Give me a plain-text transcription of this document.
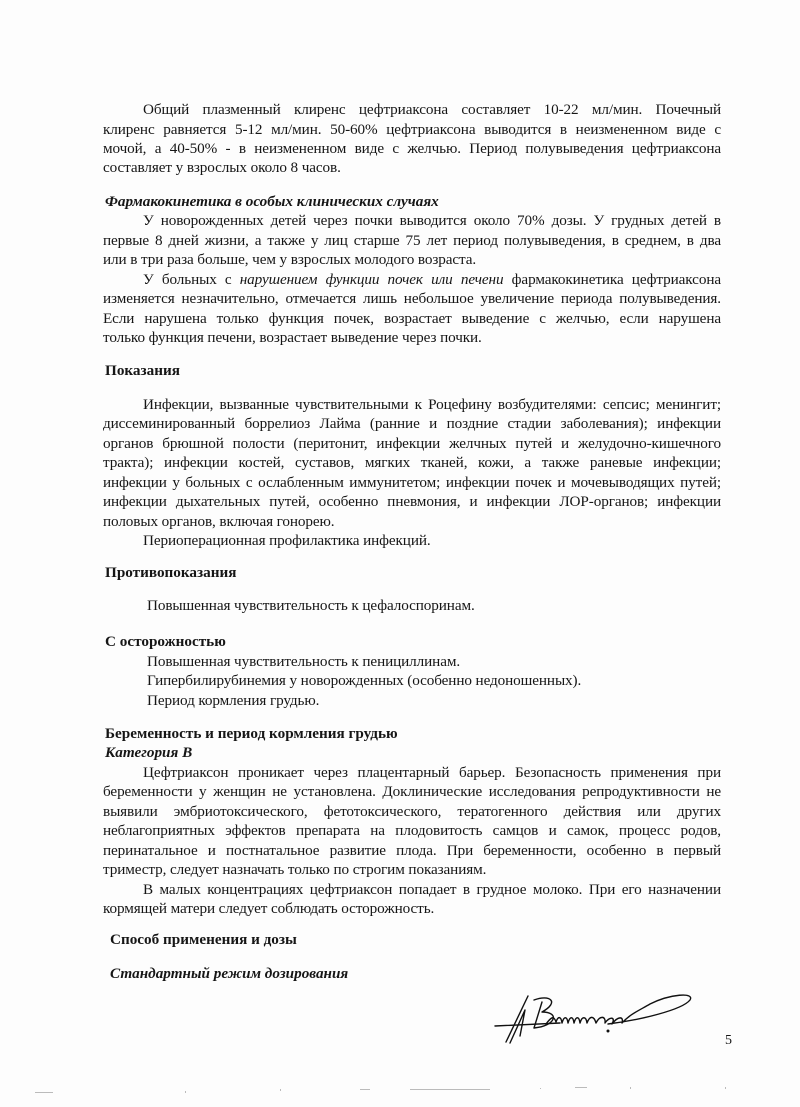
Общий плазменный клиренс цефтриаксона составляет 10-22 мл/мин. Почечный
клиренс равняется 5-12 мл/мин. 50-60% цефтриаксона выводится в неизмененном виде с
мочой, а 40-50% - в неизмененном виде с желчью. Период полувыведения цефтриаксона
составляет у взрослых около 8 часов.
Фармакокинетика в особых клинических случаях
У новорожденных детей через почки выводится около 70% дозы. У грудных детей в
первые 8 дней жизни, а также у лиц старше 75 лет период полувыведения, в среднем, в два
или в три раза больше, чем у взрослых молодого возраста.
У больных с нарушением функции почек или печени фармакокинетика цефтриаксона
изменяется незначительно, отмечается лишь небольшое увеличение периода полувыведения.
Если нарушена только функция почек, возрастает выведение с желчью, если нарушена
только функция печени, возрастает выведение через почки.
Показания
Инфекции, вызванные чувствительными к Роцефину возбудителями: сепсис; менингит;
диссеминированный боррелиоз Лайма (ранние и поздние стадии заболевания); инфекции
органов брюшной полости (перитонит, инфекции желчных путей и желудочно-кишечного
тракта); инфекции костей, суставов, мягких тканей, кожи, а также раневые инфекции;
инфекции у больных с ослабленным иммунитетом; инфекции почек и мочевыводящих путей;
инфекции дыхательных путей, особенно пневмония, и инфекции ЛОР-органов; инфекции
половых органов, включая гонорею.
Периоперационная профилактика инфекций.
Противопоказания
Повышенная чувствительность к цефалоспоринам.
С осторожностью
Повышенная чувствительность к пенициллинам.
Гипербилирубинемия у новорожденных (особенно недоношенных).
Период кормления грудью.
Беременность и период кормления грудью
Категория В
Цефтриаксон проникает через плацентарный барьер. Безопасность применения при
беременности у женщин не установлена. Доклинические исследования репродуктивности не
выявили эмбриотоксического, фетотоксического, тератогенного действия или других
неблагоприятных эффектов препарата на плодовитость самцов и самок, процесс родов,
перинатальное и постнатальное развитие плода. При беременности, особенно в первый
триместр, следует назначать только по строгим показаниям.
В малых концентрациях цефтриаксон попадает в грудное молоко. При его назначении
кормящей матери следует соблюдать осторожность.
Способ применения и дозы
Стандартный режим дозирования
5
